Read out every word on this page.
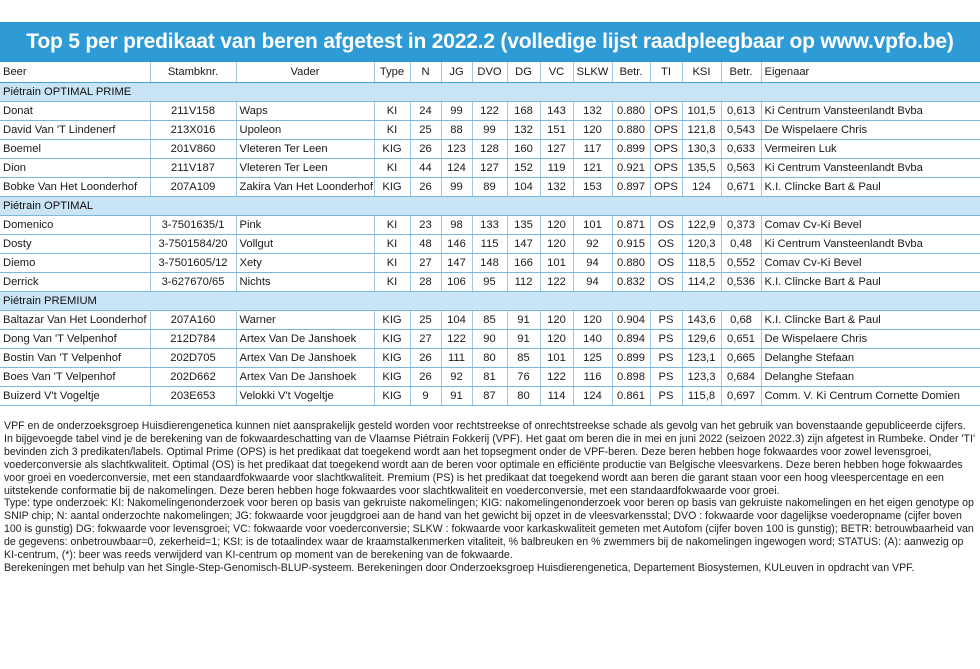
Top 5 per predikaat van beren afgetest in 2022.2 (volledige lijst raadpleegbaar op www.vpfo.be)
Beer	Stambknr.	Vader	Type	N	JG	DVO	DG	VC	SLKW	Betr.	TI	KSI	Betr.	Eigenaar
Piétrain OPTIMAL PRIME														
Donat	211V158	Waps	KI	24	99	122	168	143	132	0.880	OPS	101,5	0,613	Ki Centrum Vansteenlandt Bvba
David Van 'T Lindenerf	213X016	Upoleon	KI	25	88	99	132	151	120	0.880	OPS	121,8	0,543	De Wispelaere Chris
Boemel	201V860	Vleteren Ter Leen	KIG	26	123	128	160	127	117	0.899	OPS	130,3	0,633	Vermeiren Luk
Dion	211V187	Vleteren Ter Leen	KI	44	124	127	152	119	121	0.921	OPS	135,5	0,563	Ki Centrum Vansteenlandt Bvba
Bobke Van Het Loonderhof	207A109	Zakira Van Het Loonderhof	KIG	26	99	89	104	132	153	0.897	OPS	124	0,671	K.I. Clincke Bart & Paul
Piétrain OPTIMAL														
Domenico	3-7501635/1	Pink	KI	23	98	133	135	120	101	0.871	OS	122,9	0,373	Comav Cv-Ki Bevel
Dosty	3-7501584/20	Vollgut	KI	48	146	115	147	120	92	0.915	OS	120,3	0,48	Ki Centrum Vansteenlandt Bvba
Diemo	3-7501605/12	Xety	KI	27	147	148	166	101	94	0.880	OS	118,5	0,552	Comav Cv-Ki Bevel
Derrick	3-627670/65	Nichts	KI	28	106	95	112	122	94	0.832	OS	114,2	0,536	K.I. Clincke Bart & Paul
Piétrain PREMIUM														
Baltazar Van Het Loonderhof	207A160	Warner	KIG	25	104	85	91	120	120	0.904	PS	143,6	0,68	K.I. Clincke Bart & Paul
Dong Van 'T Velpenhof	212D784	Artex Van De Janshoek	KIG	27	122	90	91	120	140	0.894	PS	129,6	0,651	De Wispelaere Chris
Bostin Van 'T Velpenhof	202D705	Artex Van De Janshoek	KIG	26	111	80	85	101	125	0.899	PS	123,1	0,665	Delanghe Stefaan
Boes Van 'T Velpenhof	202D662	Artex Van De Janshoek	KIG	26	92	81	76	122	116	0.898	PS	123,3	0,684	Delanghe Stefaan
Buizerd V't Vogeltje	203E653	Velokki V't Vogeltje	KIG	9	91	87	80	114	124	0.861	PS	115,8	0,697	Comm. V. Ki Centrum Cornette Domien

VPF en de onderzoeksgroep Huisdierengenetica kunnen niet aansprakelijk gesteld worden voor rechtstreekse of onrechtstreekse schade als gevolg van het gebruik van bovenstaande gepubliceerde cijfers.

In bijgevoegde tabel vind je de berekening van de fokwaardeschatting van de Vlaamse Piétrain Fokkerij (VPF). Het gaat om beren die in mei en juni 2022 (seizoen 2022.3) zijn afgetest in Rumbeke. Onder 'TI' bevinden zich 3 predikaten/labels. Optimal Prime (OPS) is het predikaat dat toegekend wordt aan het topsegment onder de VPF-beren. Deze beren hebben hoge fokwaardes voor zowel levensgroei, voederconversie als slachtkwaliteit. Optimal (OS) is het predikaat dat toegekend wordt aan de beren voor optimale en efficiënte productie van Belgische vleesvarkens. Deze beren hebben hoge fokwaardes voor groei en voederconversie, met een standaardfokwaarde voor slachtkwaliteit. Premium (PS) is het predikaat dat toegekend wordt aan beren die garant staan voor een hoog vleespercentage en een uitstekende conformatie bij de nakomelingen. Deze beren hebben hoge fokwaardes voor slachtkwaliteit en voederconversie, met een standaardfokwaarde voor groei.

Type: type onderzoek: KI: Nakomelingenonderzoek voor beren op basis van gekruiste nakomelingen; KIG: nakomelingenonderzoek voor beren op basis van gekruiste nakomelingen en het eigen genotype op SNIP chip; N: aantal onderzochte nakomelingen; JG: fokwaarde voor jeugdgroei aan de hand van het gewicht bij opzet in de vleesvarkensstal; DVO : fokwaarde voor dagelijkse voederopname (cijfer boven 100 is gunstig) DG: fokwaarde voor levensgroei; VC: fokwaarde voor voederconversie; SLKW : fokwaarde voor karkaskwaliteit gemeten met Autofom (cijfer boven 100 is gunstig); BETR: betrouwbaarheid van de gegevens: onbetrouwbaar=0, zekerheid=1; KSI: is de totaalindex waar de kraamstalkenmerken vitaliteit, % balbreuken en % zwemmers bij de nakomelingen ingewogen word; STATUS: (A): aanwezig op KI-centrum, (*): beer was reeds verwijderd van KI-centrum op moment van de berekening van de fokwaarde.

Berekeningen met behulp van het Single-Step-Genomisch-BLUP-systeem. Berekeningen door Onderzoeksgroep Huisdierengenetica, Departement Biosystemen, KULeuven in opdracht van VPF.
